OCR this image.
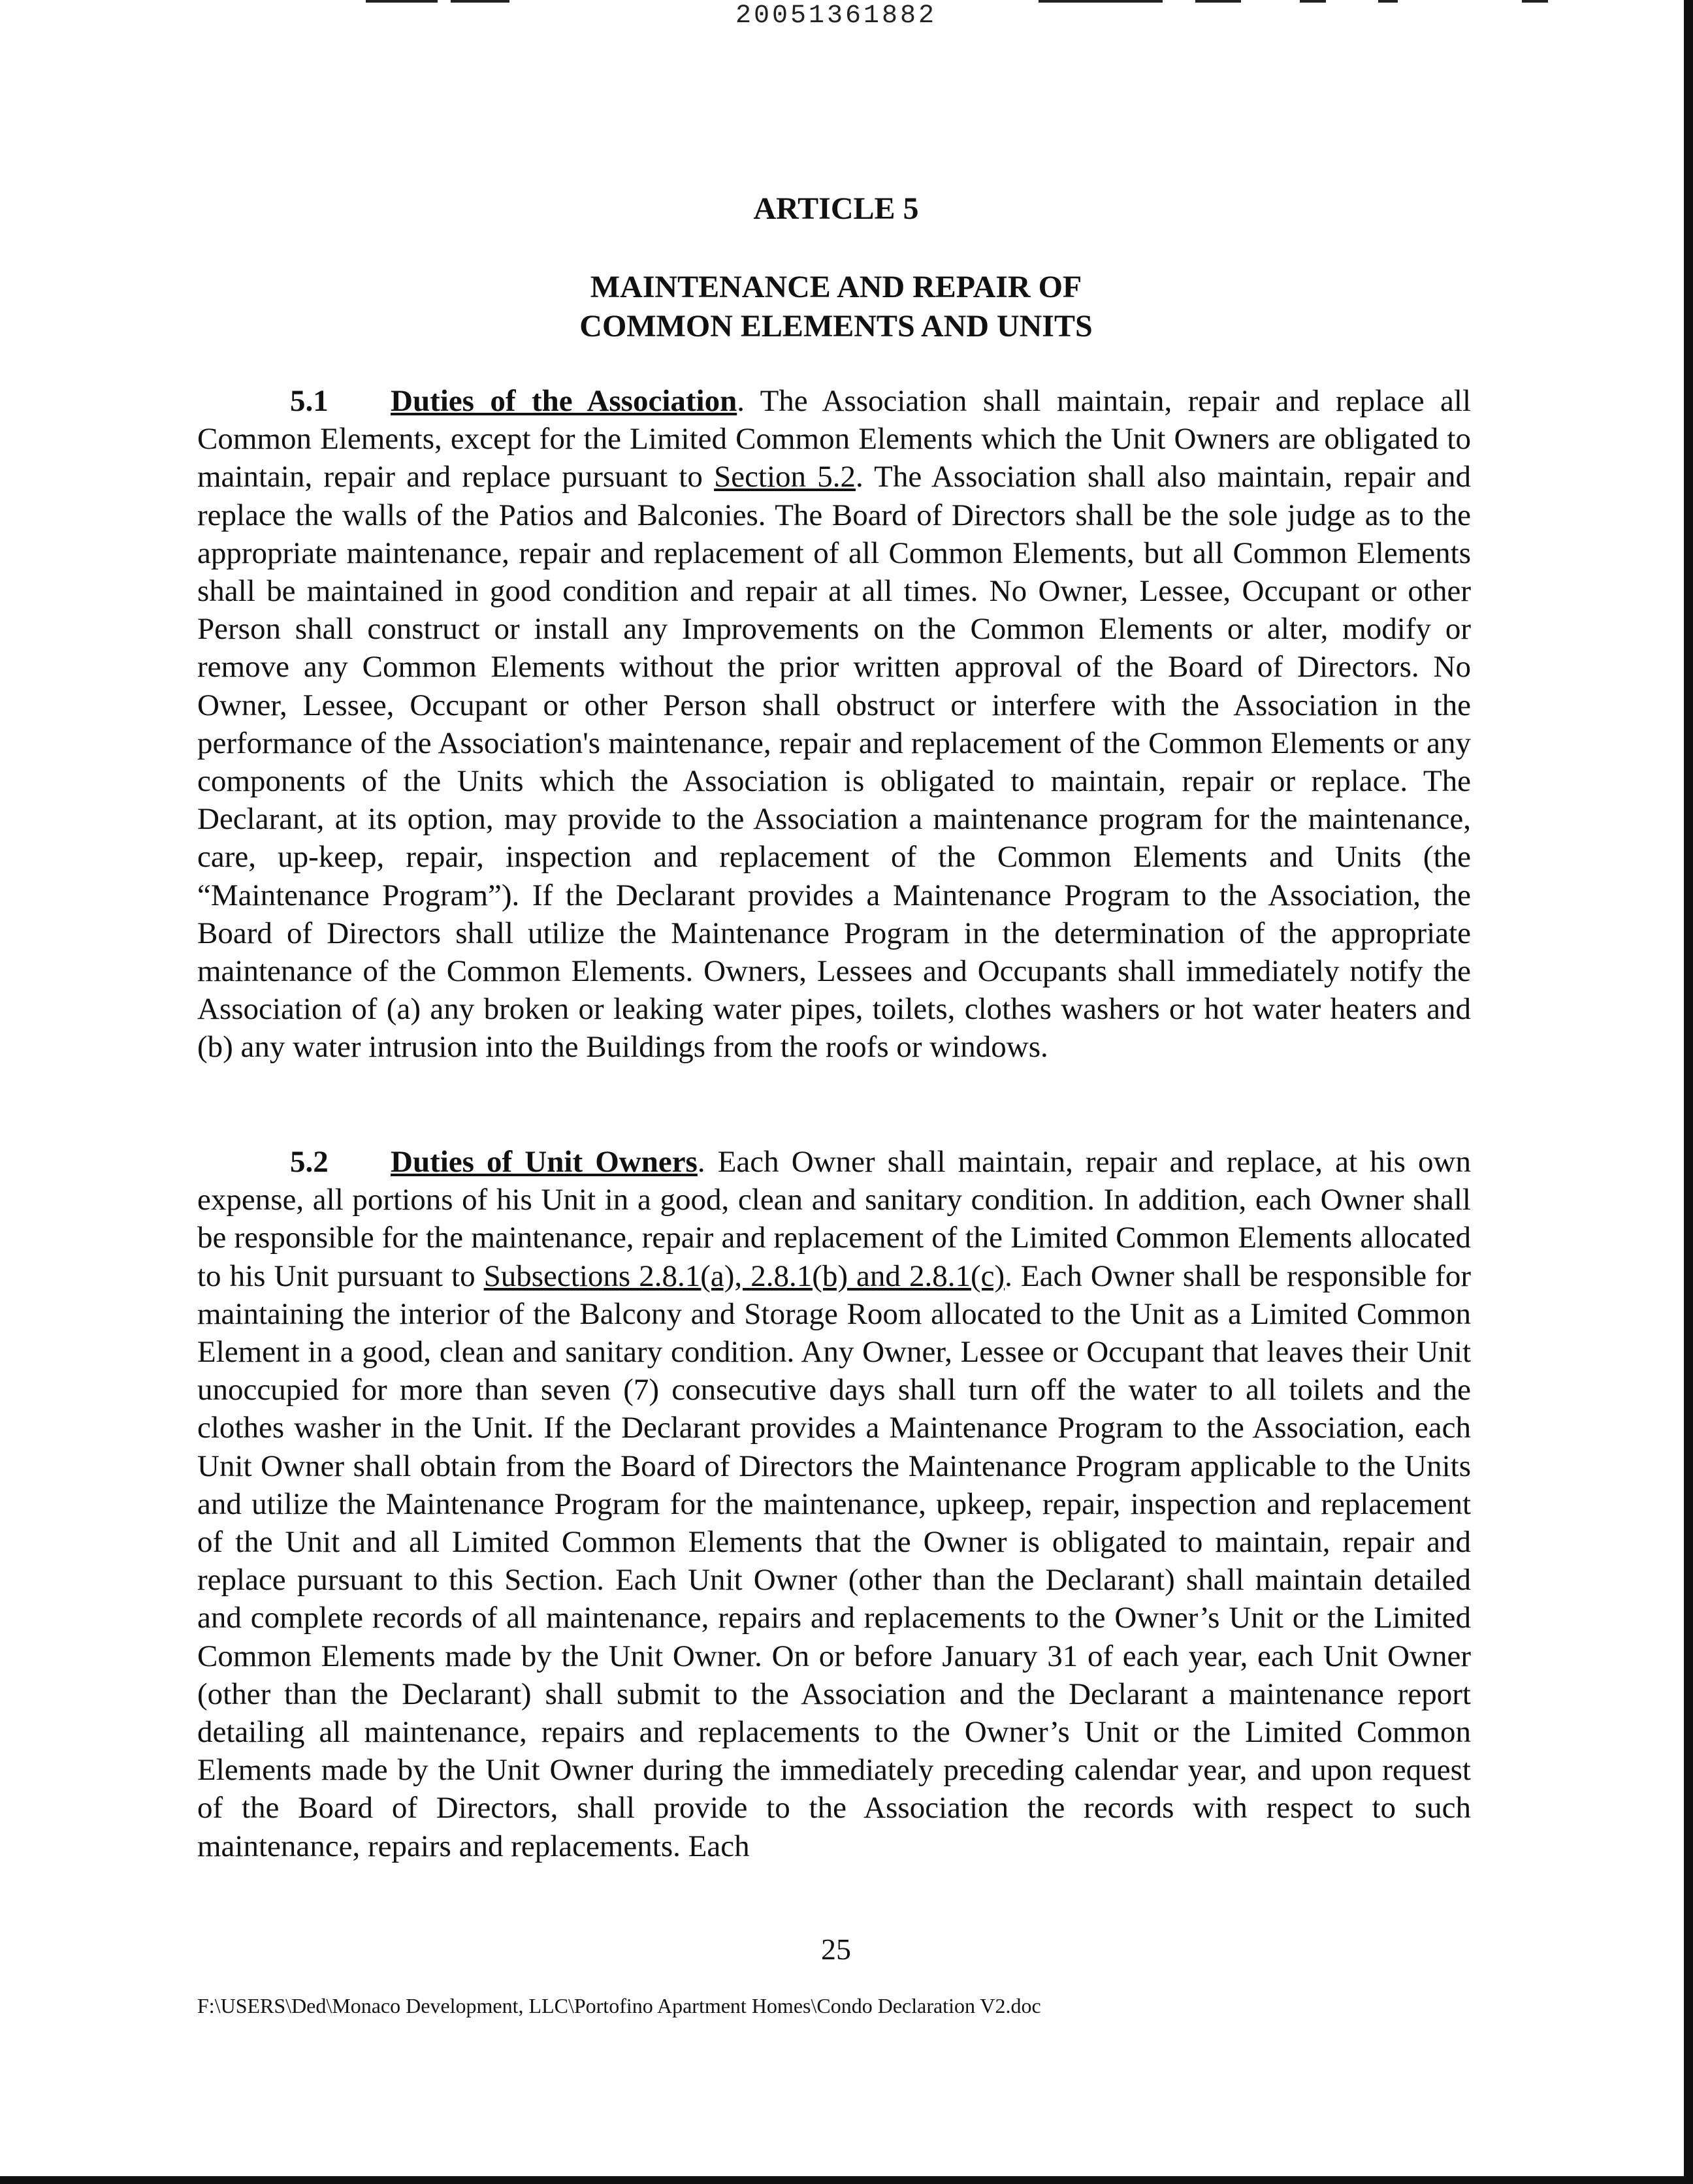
20051361882
ARTICLE 5
MAINTENANCE AND REPAIR OF
COMMON ELEMENTS AND UNITS

5.1 Duties of the Association. The Association shall maintain, repair and replace all Common Elements, except for the Limited Common Elements which the Unit Owners are obligated to maintain, repair and replace pursuant to Section 5.2. The Association shall also maintain, repair and replace the walls of the Patios and Balconies. The Board of Directors shall be the sole judge as to the appropriate maintenance, repair and replacement of all Common Elements, but all Common Elements shall be maintained in good condition and repair at all times. No Owner, Lessee, Occupant or other Person shall construct or install any Improvements on the Common Elements or alter, modify or remove any Common Elements without the prior written approval of the Board of Directors. No Owner, Lessee, Occupant or other Person shall obstruct or interfere with the Association in the performance of the Association's maintenance, repair and replacement of the Common Elements or any components of the Units which the Association is obligated to maintain, repair or replace. The Declarant, at its option, may provide to the Association a maintenance program for the maintenance, care, up-keep, repair, inspection and replacement of the Common Elements and Units (the “Maintenance Program”). If the Declarant provides a Maintenance Program to the Association, the Board of Directors shall utilize the Maintenance Program in the determination of the appropriate maintenance of the Common Elements. Owners, Lessees and Occupants shall immediately notify the Association of (a) any broken or leaking water pipes, toilets, clothes washers or hot water heaters and (b) any water intrusion into the Buildings from the roofs or windows.

5.2 Duties of Unit Owners. Each Owner shall maintain, repair and replace, at his own expense, all portions of his Unit in a good, clean and sanitary condition. In addition, each Owner shall be responsible for the maintenance, repair and replacement of the Limited Common Elements allocated to his Unit pursuant to Subsections 2.8.1(a), 2.8.1(b) and 2.8.1(c). Each Owner shall be responsible for maintaining the interior of the Balcony and Storage Room allocated to the Unit as a Limited Common Element in a good, clean and sanitary condition. Any Owner, Lessee or Occupant that leaves their Unit unoccupied for more than seven (7) consecutive days shall turn off the water to all toilets and the clothes washer in the Unit. If the Declarant provides a Maintenance Program to the Association, each Unit Owner shall obtain from the Board of Directors the Maintenance Program applicable to the Units and utilize the Maintenance Program for the maintenance, upkeep, repair, inspection and replacement of the Unit and all Limited Common Elements that the Owner is obligated to maintain, repair and replace pursuant to this Section. Each Unit Owner (other than the Declarant) shall maintain detailed and complete records of all maintenance, repairs and replacements to the Owner’s Unit or the Limited Common Elements made by the Unit Owner. On or before January 31 of each year, each Unit Owner (other than the Declarant) shall submit to the Association and the Declarant a maintenance report detailing all maintenance, repairs and replacements to the Owner’s Unit or the Limited Common Elements made by the Unit Owner during the immediately preceding calendar year, and upon request of the Board of Directors, shall provide to the Association the records with respect to such maintenance, repairs and replacements. Each

25
F:\USERS\Ded\Monaco Development, LLC\Portofino Apartment Homes\Condo Declaration V2.doc
